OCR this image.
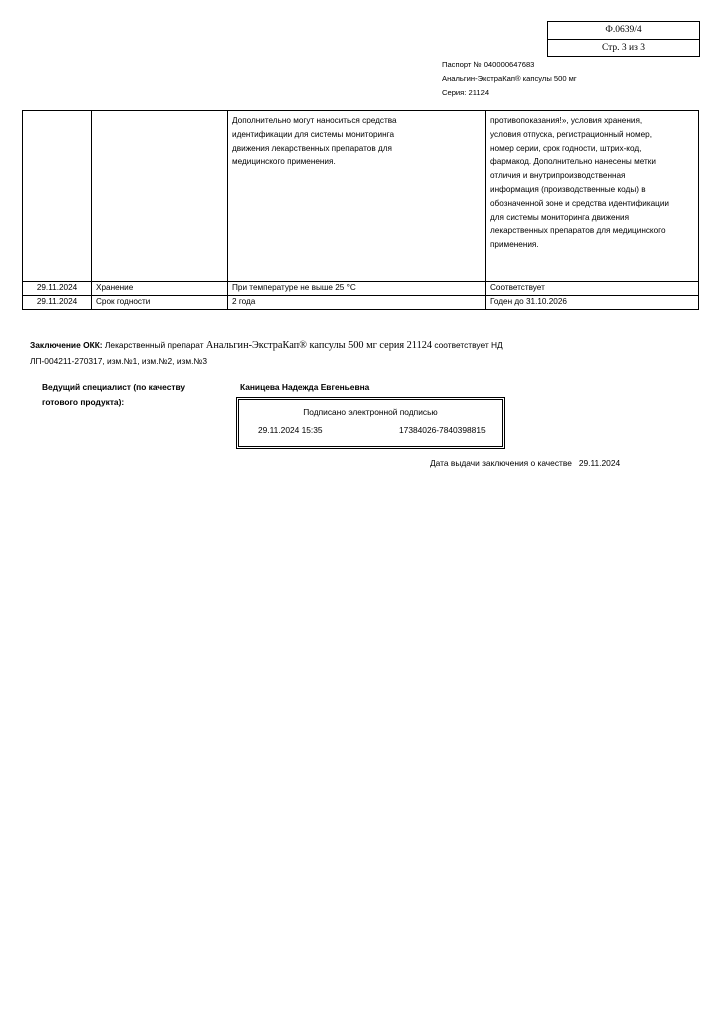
Ф.0639/4
Стр. 3 из 3
Паспорт № 040000647683
Анальгин-ЭкстраКап® капсулы 500 мг
Серия: 21124

		Дополнительно могут наноситься средства идентификации для системы мониторинга движения лекарственных препаратов для медицинского применения.	противопоказания!», условия хранения, условия отпуска, регистрационный номер, номер серии, срок годности, штрих-код, фармакод. Дополнительно нанесены метки отличия и внутрипроизводственная информация (производственные коды) в обозначенной зоне и средства идентификации для системы мониторинга движения лекарственных препаратов для медицинского применения.

29.11.2024	Хранение	При температуре не выше 25 °С	Соответствует
29.11.2024	Срок годности	2 года	Годен до 31.10.2026
Заключение ОКК: Лекарственный препарат Анальгин-ЭкстраКап® капсулы 500 мг серия 21124 соответствует НД
ЛП-004211-270317, изм.№1, изм.№2, изм.№3
Ведущий специалист (по качеству
готового продукта):
Каницева Надежда Евгеньевна
Подписано электронной подписью
29.11.2024 15:35	17384026-7840398815
Дата выдачи заключения о качестве 29.11.2024
